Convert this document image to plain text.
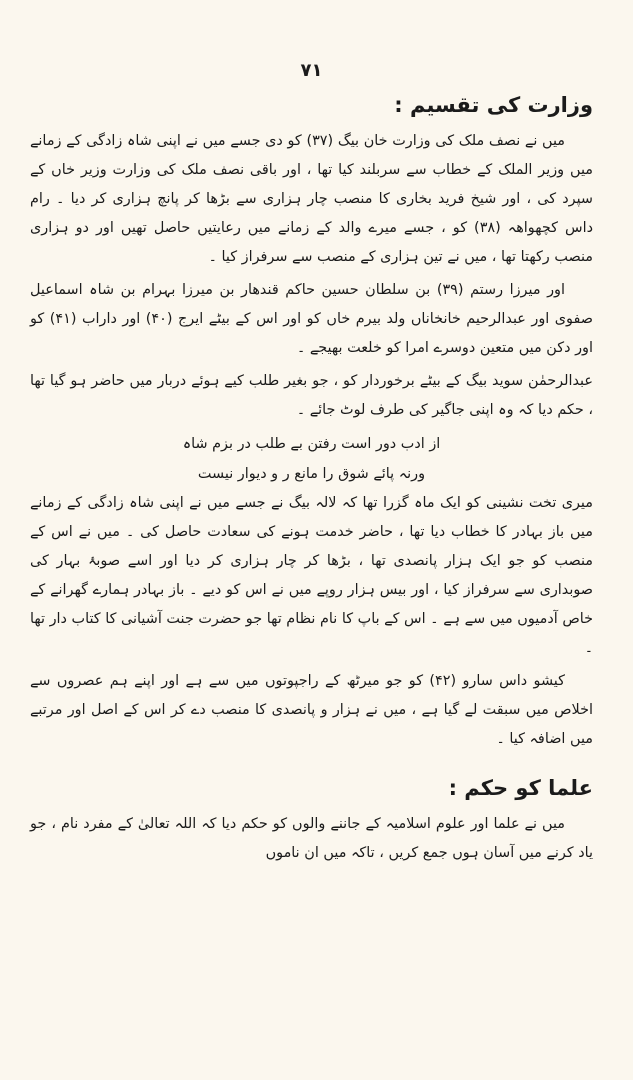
۷۱
وزارت کی تقسیم :

میں نے نصف ملک کی وزارت خان بیگ (۳۷) کو دی جسے میں نے اپنی شاہ زادگی کے زمانے میں وزیر الملک کے خطاب سے سربلند کیا تھا ، اور باقی نصف ملک کی وزارت وزیر خاں کے سپرد کی ، اور شیخ فرید بخاری کا منصب چار ہزاری سے بڑھا کر پانچ ہزاری کر دیا ۔ رام داس کچھواھہ (۳۸) کو ، جسے میرے والد کے زمانے میں رعایتیں حاصل تھیں اور دو ہزاری منصب رکھتا تھا ، میں نے تین ہزاری کے منصب سے سرفراز کیا ۔

اور میرزا رستم (۳۹) بن سلطان حسین حاکم قندھار بن میرزا بہرام بن شاہ اسماعیل صفوی اور عبدالرحیم خانخاناں ولد بیرم خاں کو اور اس کے بیٹے ایرج (۴۰) اور داراب (۴۱) کو اور دکن میں متعین دوسرے امرا کو خلعت بھیجے ۔

عبدالرحمٰن سوید بیگ کے بیٹے برخوردار کو ، جو بغیر طلب کیے ہوئے دربار میں حاضر ہو گیا تھا ، حکم دیا کہ وہ اپنی جاگیر کی طرف لوٹ جائے ۔

از ادب دور است رفتن بے طلب در بزم شاہ

ورنہ پائے شوق را مانع ر و دیوار نیست

میری تخت نشینی کو ایک ماہ گزرا تھا کہ لالہ بیگ نے جسے میں نے اپنی شاہ زادگی کے زمانے میں باز بہادر کا خطاب دیا تھا ، حاضر خدمت ہونے کی سعادت حاصل کی ۔ میں نے اس کے منصب کو جو ایک ہزار پانصدی تھا ، بڑھا کر چار ہزاری کر دیا اور اسے صوبۂ بہار کی صوبداری سے سرفراز کیا ، اور بیس ہزار روپے میں نے اس کو دیے ۔ باز بہادر ہمارے گھرانے کے خاص آدمیوں میں سے ہے ۔ اس کے باپ کا نام نظام تھا جو حضرت جنت آشیانی کا کتاب دار تھا ۔

کیشو داس سارو (۴۲) کو جو میرٹھ کے راجپوتوں میں سے ہے اور اپنے ہم عصروں سے اخلاص میں سبقت لے گیا ہے ، میں نے ہزار و پانصدی کا منصب دے کر اس کے اصل اور مرتبے میں اضافہ کیا ۔

علما کو حکم :

میں نے علما اور علوم اسلامیہ کے جاننے والوں کو حکم دیا کہ اللہ تعالیٰ کے مفرد نام ، جو یاد کرنے میں آسان ہوں جمع کریں ، تاکہ میں ان ناموں
